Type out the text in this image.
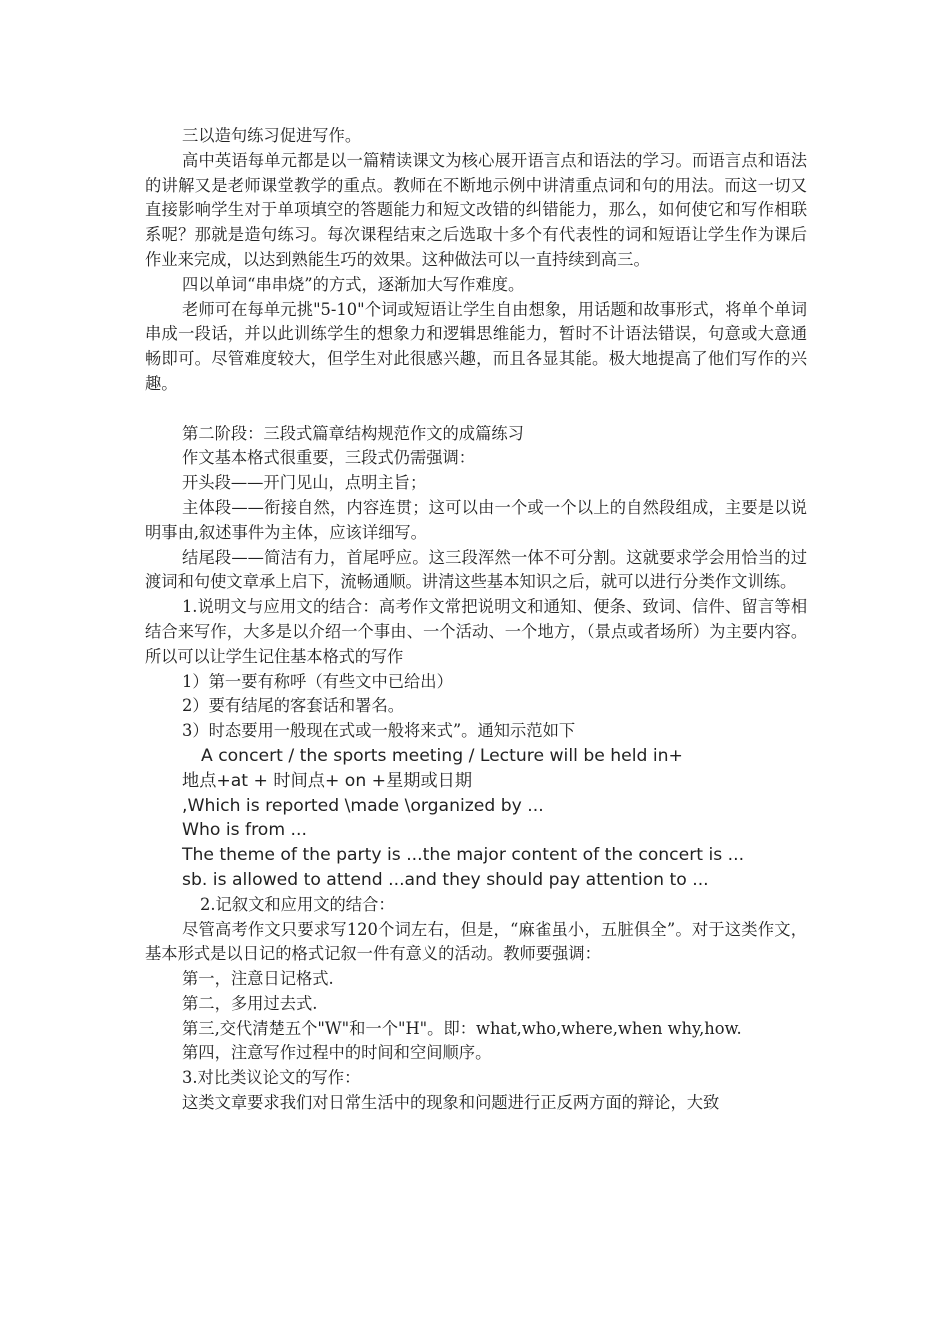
三以造句练习促进写作。

高中英语每单元都是以一篇精读课文为核心展开语言点和语法的学习。而语言点和语法的讲解又是老师课堂教学的重点。教师在不断地示例中讲清重点词和句的用法。而这一切又直接影响学生对于单项填空的答题能力和短文改错的纠错能力，那么，如何使它和写作相联系呢？那就是造句练习。每次课程结束之后选取十多个有代表性的词和短语让学生作为课后作业来完成，以达到熟能生巧的效果。这种做法可以一直持续到高三。

四以单词“串串烧”的方式，逐渐加大写作难度。

老师可在每单元挑"5-10"个词或短语让学生自由想象，用话题和故事形式，将单个单词串成一段话，并以此训练学生的想象力和逻辑思维能力，暂时不计语法错误，句意或大意通畅即可。尽管难度较大，但学生对此很感兴趣，而且各显其能。极大地提高了他们写作的兴趣。

第二阶段：三段式篇章结构规范作文的成篇练习

作文基本格式很重要，三段式仍需强调：

开头段——开门见山，点明主旨；

主体段——衔接自然，内容连贯；这可以由一个或一个以上的自然段组成，主要是以说明事由,叙述事件为主体，应该详细写。

结尾段——简洁有力，首尾呼应。这三段浑然一体不可分割。这就要求学会用恰当的过渡词和句使文章承上启下，流畅通顺。讲清这些基本知识之后，就可以进行分类作文训练。

1.说明文与应用文的结合：高考作文常把说明文和通知、便条、致词、信件、留言等相结合来写作，大多是以介绍一个事由、一个活动、一个地方，（景点或者场所）为主要内容。所以可以让学生记住基本格式的写作

1）第一要有称呼（有些文中已给出）

2）要有结尾的客套话和署名。

3）时态要用一般现在式或一般将来式”。通知示范如下

A concert / the sports meeting / Lecture will be held in+

地点+at + 时间点+ on +星期或日期

,Which is reported \made \organized by ...

Who is from ...

The theme of the party is ...the major content of the concert is ...

sb. is allowed to attend ...and they should pay attention to ...

2.记叙文和应用文的结合：

尽管高考作文只要求写120个词左右，但是，“麻雀虽小，五脏俱全”。对于这类作文，基本形式是以日记的格式记叙一件有意义的活动。教师要强调：

第一，注意日记格式.

第二，多用过去式.

第三,交代清楚五个"W"和一个"H"。即：what,who,where,when why,how.

第四，注意写作过程中的时间和空间顺序。

3.对比类议论文的写作：

这类文章要求我们对日常生活中的现象和问题进行正反两方面的辩论，大致
